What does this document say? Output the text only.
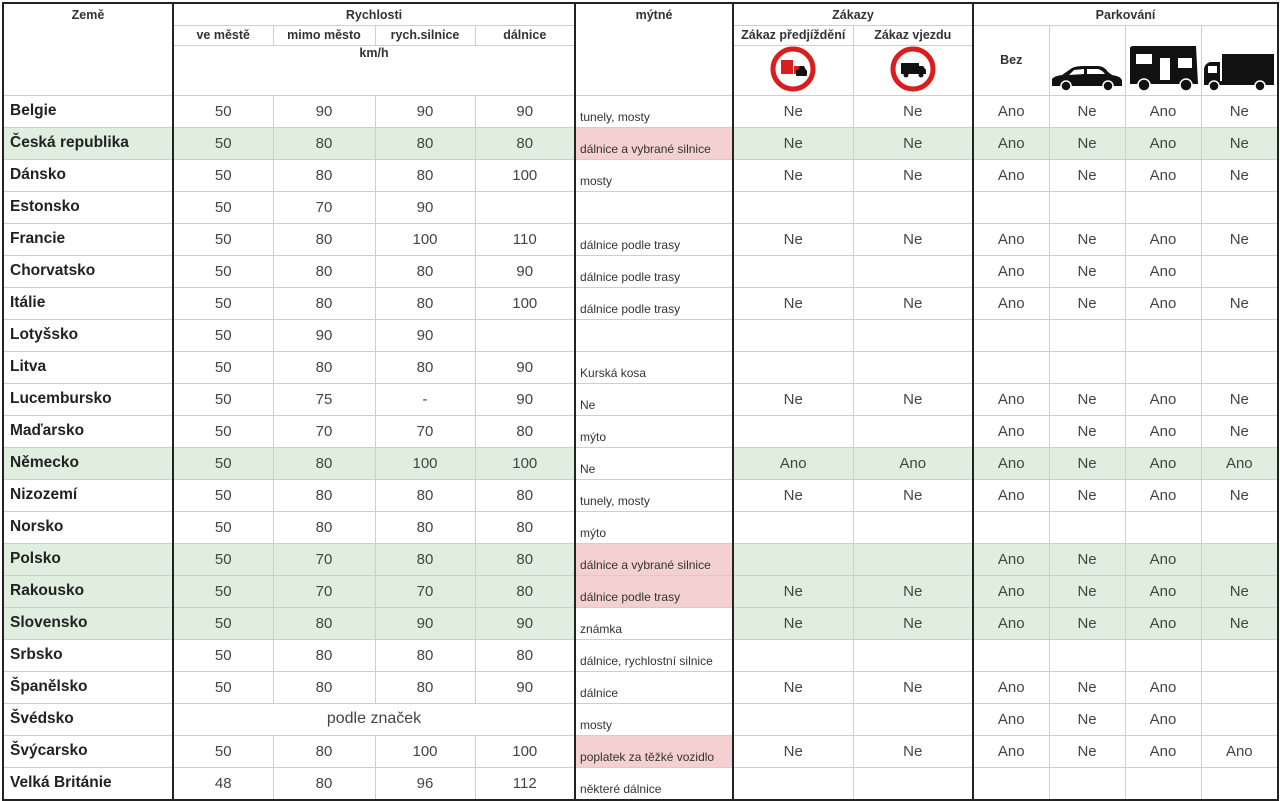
Země	Rychlosti				mýtné	Zákazy		Parkování			
	ve městě	mimo město	rych.silnice	dálnice		Zákaz předjíždění	Zákaz vjezdu	Bez			
	km/h		
Belgie	50	90	90	90	tunely, mosty	Ne	Ne	Ano	Ne	Ano	Ne
Česká republika	50	80	80	80	dálnice a vybrané silnice	Ne	Ne	Ano	Ne	Ano	Ne
Dánsko	50	80	80	100	mosty	Ne	Ne	Ano	Ne	Ano	Ne
Estonsko	50	70	90								
Francie	50	80	100	110	dálnice podle trasy	Ne	Ne	Ano	Ne	Ano	Ne
Chorvatsko	50	80	80	90	dálnice podle trasy			Ano	Ne	Ano	
Itálie	50	80	80	100	dálnice podle trasy	Ne	Ne	Ano	Ne	Ano	Ne
Lotyšsko	50	90	90								
Litva	50	80	80	90	Kurská kosa						
Lucembursko	50	75	-	90	Ne	Ne	Ne	Ano	Ne	Ano	Ne
Maďarsko	50	70	70	80	mýto			Ano	Ne	Ano	Ne
Německo	50	80	100	100	Ne	Ano	Ano	Ano	Ne	Ano	Ano
Nizozemí	50	80	80	80	tunely, mosty	Ne	Ne	Ano	Ne	Ano	Ne
Norsko	50	80	80	80	mýto						
Polsko	50	70	80	80	dálnice a vybrané silnice			Ano	Ne	Ano	
Rakousko	50	70	70	80	dálnice podle trasy	Ne	Ne	Ano	Ne	Ano	Ne
Slovensko	50	80	90	90	známka	Ne	Ne	Ano	Ne	Ano	Ne
Srbsko	50	80	80	80	dálnice, rychlostní silnice						
Španělsko	50	80	80	90	dálnice	Ne	Ne	Ano	Ne	Ano	
Švédsko	podle značek				mosty			Ano	Ne	Ano	
Švýcarsko	50	80	100	100	poplatek za těžké vozidlo	Ne	Ne	Ano	Ne	Ano	Ano
Velká Británie	48	80	96	112	některé dálnice						
